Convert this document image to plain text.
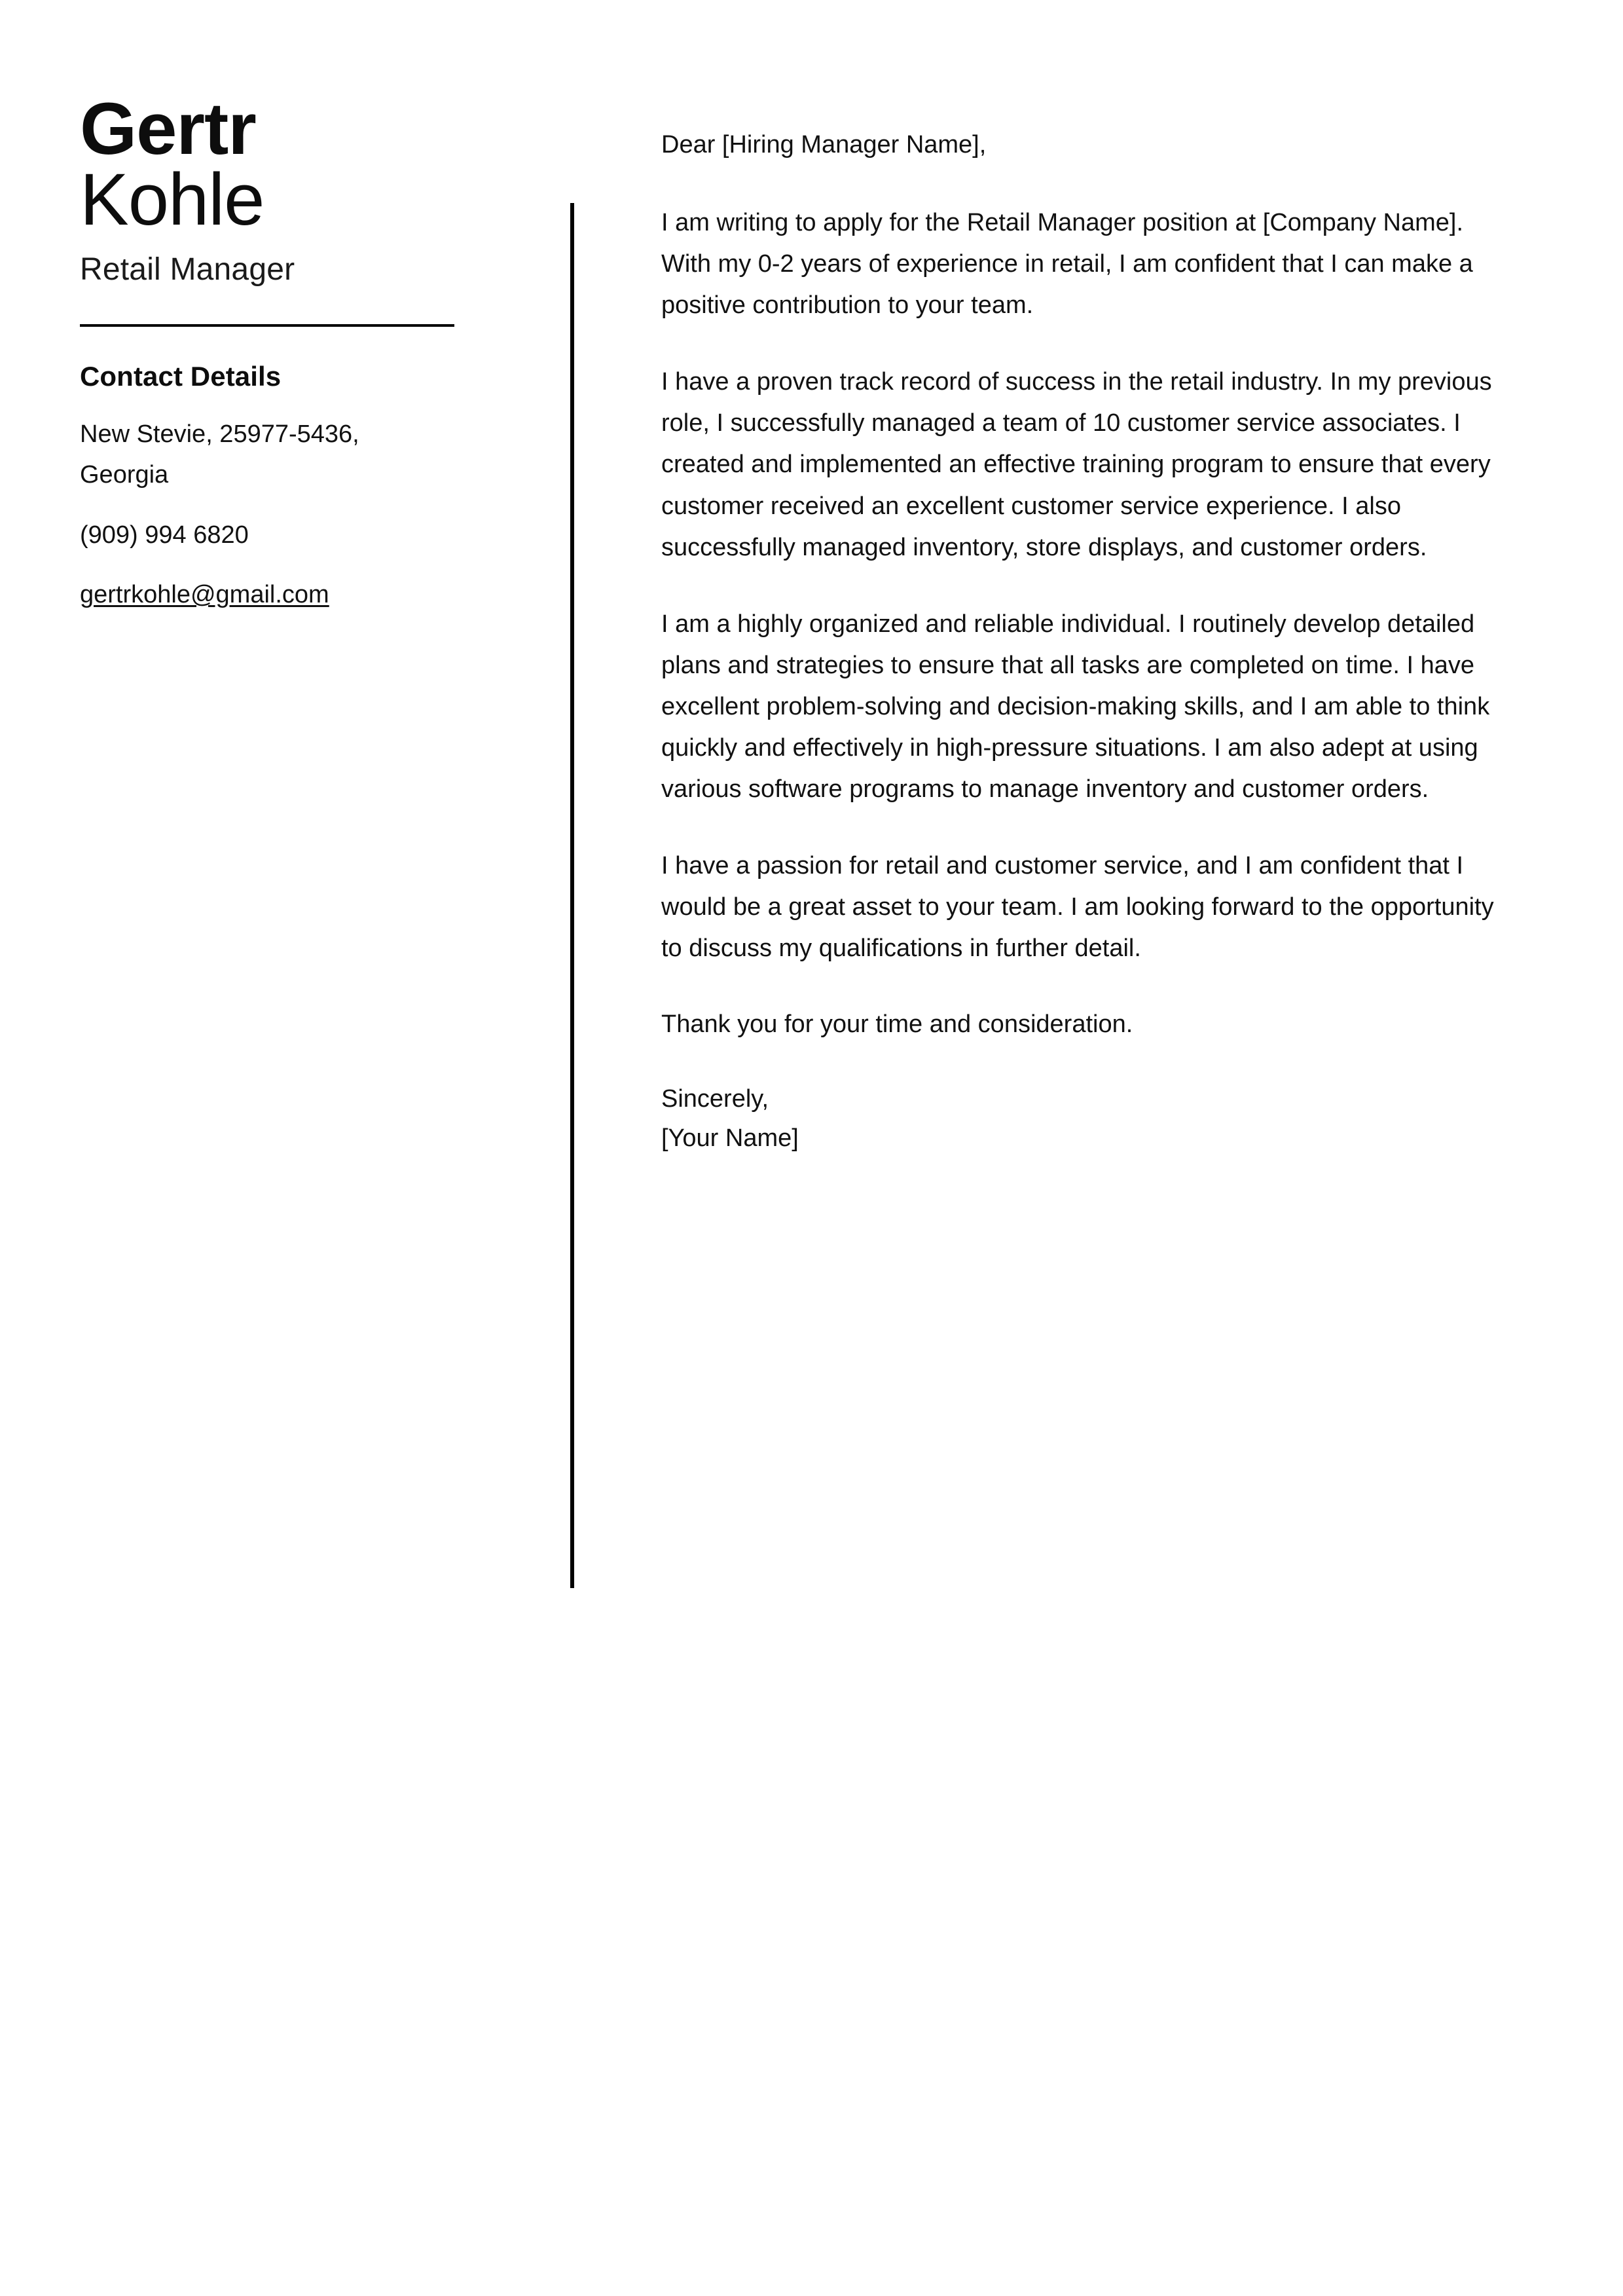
Gertr
Kohle
Retail Manager
Contact Details
New Stevie, 25977-5436, Georgia
(909) 994 6820
gertrkohle@gmail.com

Dear [Hiring Manager Name],

I am writing to apply for the Retail Manager position at [Company Name]. With my 0-2 years of experience in retail, I am confident that I can make a positive contribution to your team.

I have a proven track record of success in the retail industry. In my previous role, I successfully managed a team of 10 customer service associates. I created and implemented an effective training program to ensure that every customer received an excellent customer service experience. I also successfully managed inventory, store displays, and customer orders.

I am a highly organized and reliable individual. I routinely develop detailed plans and strategies to ensure that all tasks are completed on time. I have excellent problem-solving and decision-making skills, and I am able to think quickly and effectively in high-pressure situations. I am also adept at using various software programs to manage inventory and customer orders.

I have a passion for retail and customer service, and I am confident that I would be a great asset to your team. I am looking forward to the opportunity to discuss my qualifications in further detail.

Thank you for your time and consideration.

Sincerely,
[Your Name]
